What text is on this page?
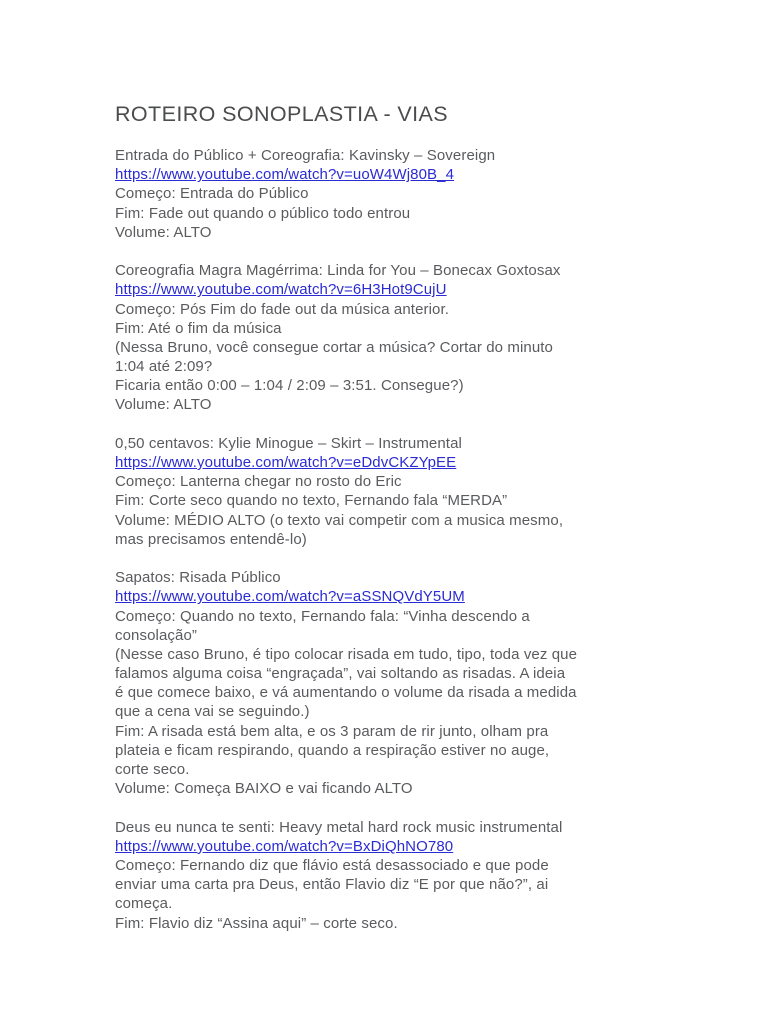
ROTEIRO SONOPLASTIA - VIAS
Entrada do Público + Coreografia: Kavinsky – Sovereign
https://www.youtube.com/watch?v=uoW4Wj80B_4
Começo: Entrada do Público
Fim: Fade out quando o público todo entrou
Volume: ALTO
Coreografia Magra Magérrima: Linda for You – Bonecax Goxtosax
https://www.youtube.com/watch?v=6H3Hot9CujU
Começo: Pós Fim do fade out da música anterior.
Fim: Até o fim da música
(Nessa Bruno, você consegue cortar a música? Cortar do minuto
1:04 até 2:09?
Ficaria então 0:00 – 1:04 / 2:09 – 3:51. Consegue?)
Volume: ALTO
0,50 centavos: Kylie Minogue – Skirt – Instrumental
https://www.youtube.com/watch?v=eDdvCKZYpEE
Começo: Lanterna chegar no rosto do Eric
Fim: Corte seco quando no texto, Fernando fala “MERDA”
Volume: MÉDIO ALTO (o texto vai competir com a musica mesmo,
mas precisamos entendê-lo)
Sapatos: Risada Público
https://www.youtube.com/watch?v=aSSNQVdY5UM
Começo: Quando no texto, Fernando fala: “Vinha descendo a
consolação”
(Nesse caso Bruno, é tipo colocar risada em tudo, tipo, toda vez que
falamos alguma coisa “engraçada”, vai soltando as risadas. A ideia
é que comece baixo, e vá aumentando o volume da risada a medida
que a cena vai se seguindo.)
Fim: A risada está bem alta, e os 3 param de rir junto, olham pra
plateia e ficam respirando, quando a respiração estiver no auge,
corte seco.
Volume: Começa BAIXO e vai ficando ALTO
Deus eu nunca te senti: Heavy metal hard rock music instrumental
https://www.youtube.com/watch?v=BxDiQhNO780
Começo: Fernando diz que flávio está desassociado e que pode
enviar uma carta pra Deus, então Flavio diz “E por que não?”, ai
começa.
Fim: Flavio diz “Assina aqui” – corte seco.
